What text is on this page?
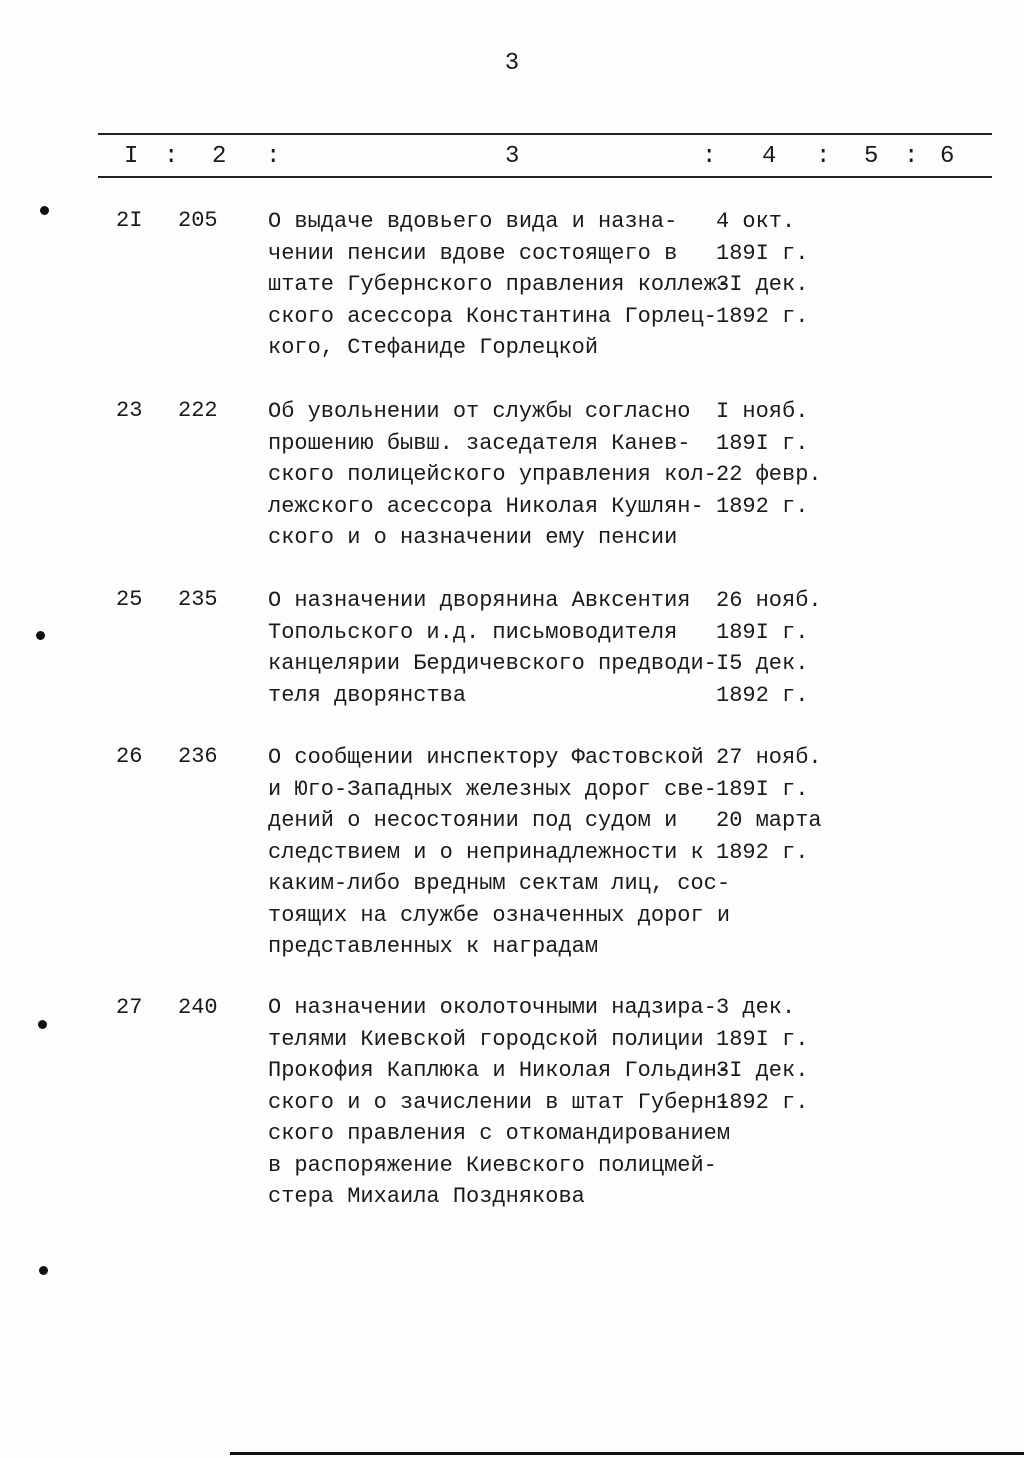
3
I : 2 :	3	: 4 : 5 : 6
2I 205 О выдаче вдовьего вида и назна-
чении пенсии вдове состоящего в
штате Губернского правления коллеж-
ского асессора Константина Горлец-
кого, Стефаниде Горлецкой
4 окт.
189I г.
3I дек.
1892 г.
23 222 Об увольнении от службы согласно
прошению бывш. заседателя Канев-
ского полицейского управления кол-
лежского асессора Николая Кушлян-
ского и о назначении ему пенсии
I нояб.
189I г.
22 февр.
1892 г.
25 235 О назначении дворянина Авксентия
Топольского и.д. письмоводителя
канцелярии Бердичевского предводи-
теля дворянства
26 нояб.
189I г.
I5 дек.
1892 г.
26 236 О сообщении инспектору Фастовской
и Юго-Западных железных дорог све-
дений о несостоянии под судом и
следствием и о непринадлежности к
каким-либо вредным сектам лиц, сос-
тоящих на службе означенных дорог и
представленных к наградам
27 нояб.
189I г.
20 марта
1892 г.
27 240 О назначении околоточными надзира-
телями Киевской городской полиции
Прокофия Каплюка и Николая Гольдин-
ского и о зачислении в штат Губерн-
ского правления с откомандированием
в распоряжение Киевского полицмей-
стера Михаила Позднякова
3 дек.
189I г.
3I дек.
1892 г.
